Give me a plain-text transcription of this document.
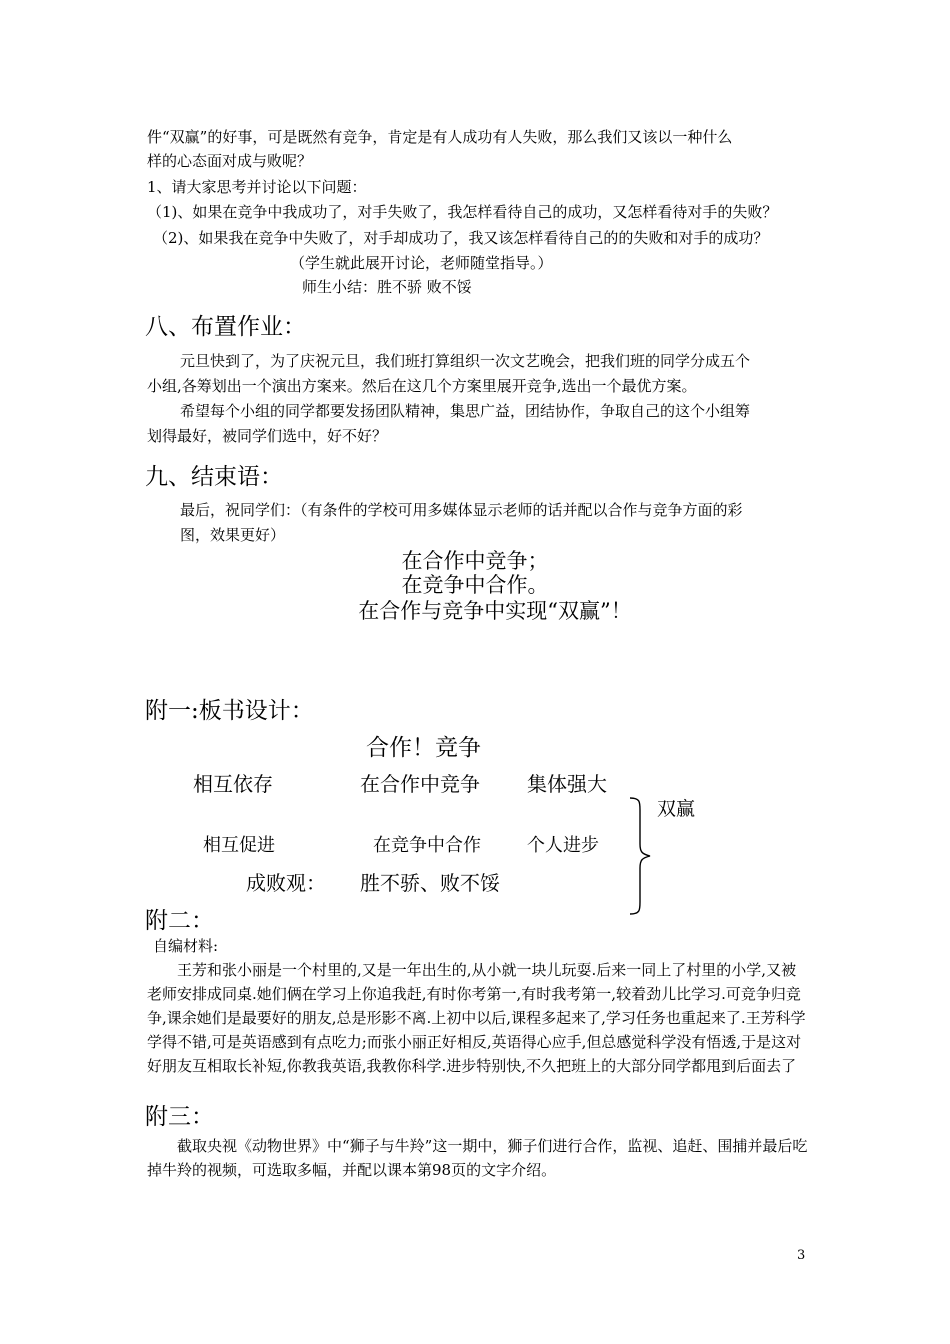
件“双赢”的好事，可是既然有竞争，肯定是有人成功有人失败，那么我们又该以一种什么
样的心态面对成与败呢？
1、请大家思考并讨论以下问题：
（1)、如果在竞争中我成功了，对手失败了，我怎样看待自己的成功，又怎样看待对手的失败？
（2)、如果我在竞争中失败了，对手却成功了，我又该怎样看待自己的的失败和对手的成功？
（学生就此展开讨论，老师随堂指导。）
师生小结：胜不骄 败不馁
八、布置作业：
元旦快到了，为了庆祝元旦，我们班打算组织一次文艺晚会，把我们班的同学分成五个
小组,各筹划出一个演出方案来。然后在这几个方案里展开竞争,选出一个最优方案。
希望每个小组的同学都要发扬团队精神，集思广益，团结协作，争取自己的这个小组筹
划得最好，被同学们选中，好不好？
九、结束语：
最后，祝同学们：（有条件的学校可用多媒体显示老师的话并配以合作与竞争方面的彩
图，效果更好）
在合作中竞争；
在竞争中合作。
在合作与竞争中实现“双赢”！
附一:板书设计：
合作！竞争
相互依存	在合作中竞争 集体强大
双赢
相互促进	在竞争中合作	个人进步
成败观： 胜不骄、败不馁
附二：
自编材料:
王芳和张小丽是一个村里的,又是一年出生的,从小就一块儿玩耍.后来一同上了村里的小学,又被老师安排成同桌.她们俩在学习上你追我赶,有时你考第一,有时我考第一,较着劲儿比学习.可竞争归竞争,课余她们是最要好的朋友,总是形影不离.上初中以后,课程多起来了,学习任务也重起来了.王芳科学学得不错,可是英语感到有点吃力;而张小丽正好相反,英语得心应手,但总感觉科学没有悟透,于是这对好朋友互相取长补短,你教我英语,我教你科学.进步特别快,不久把班上的大部分同学都甩到后面去了
附三：
截取央视《动物世界》中“狮子与牛羚”这一期中，狮子们进行合作，监视、追赶、围捕并最后吃掉牛羚的视频，可选取多幅，并配以课本第98页的文字介绍。
3
